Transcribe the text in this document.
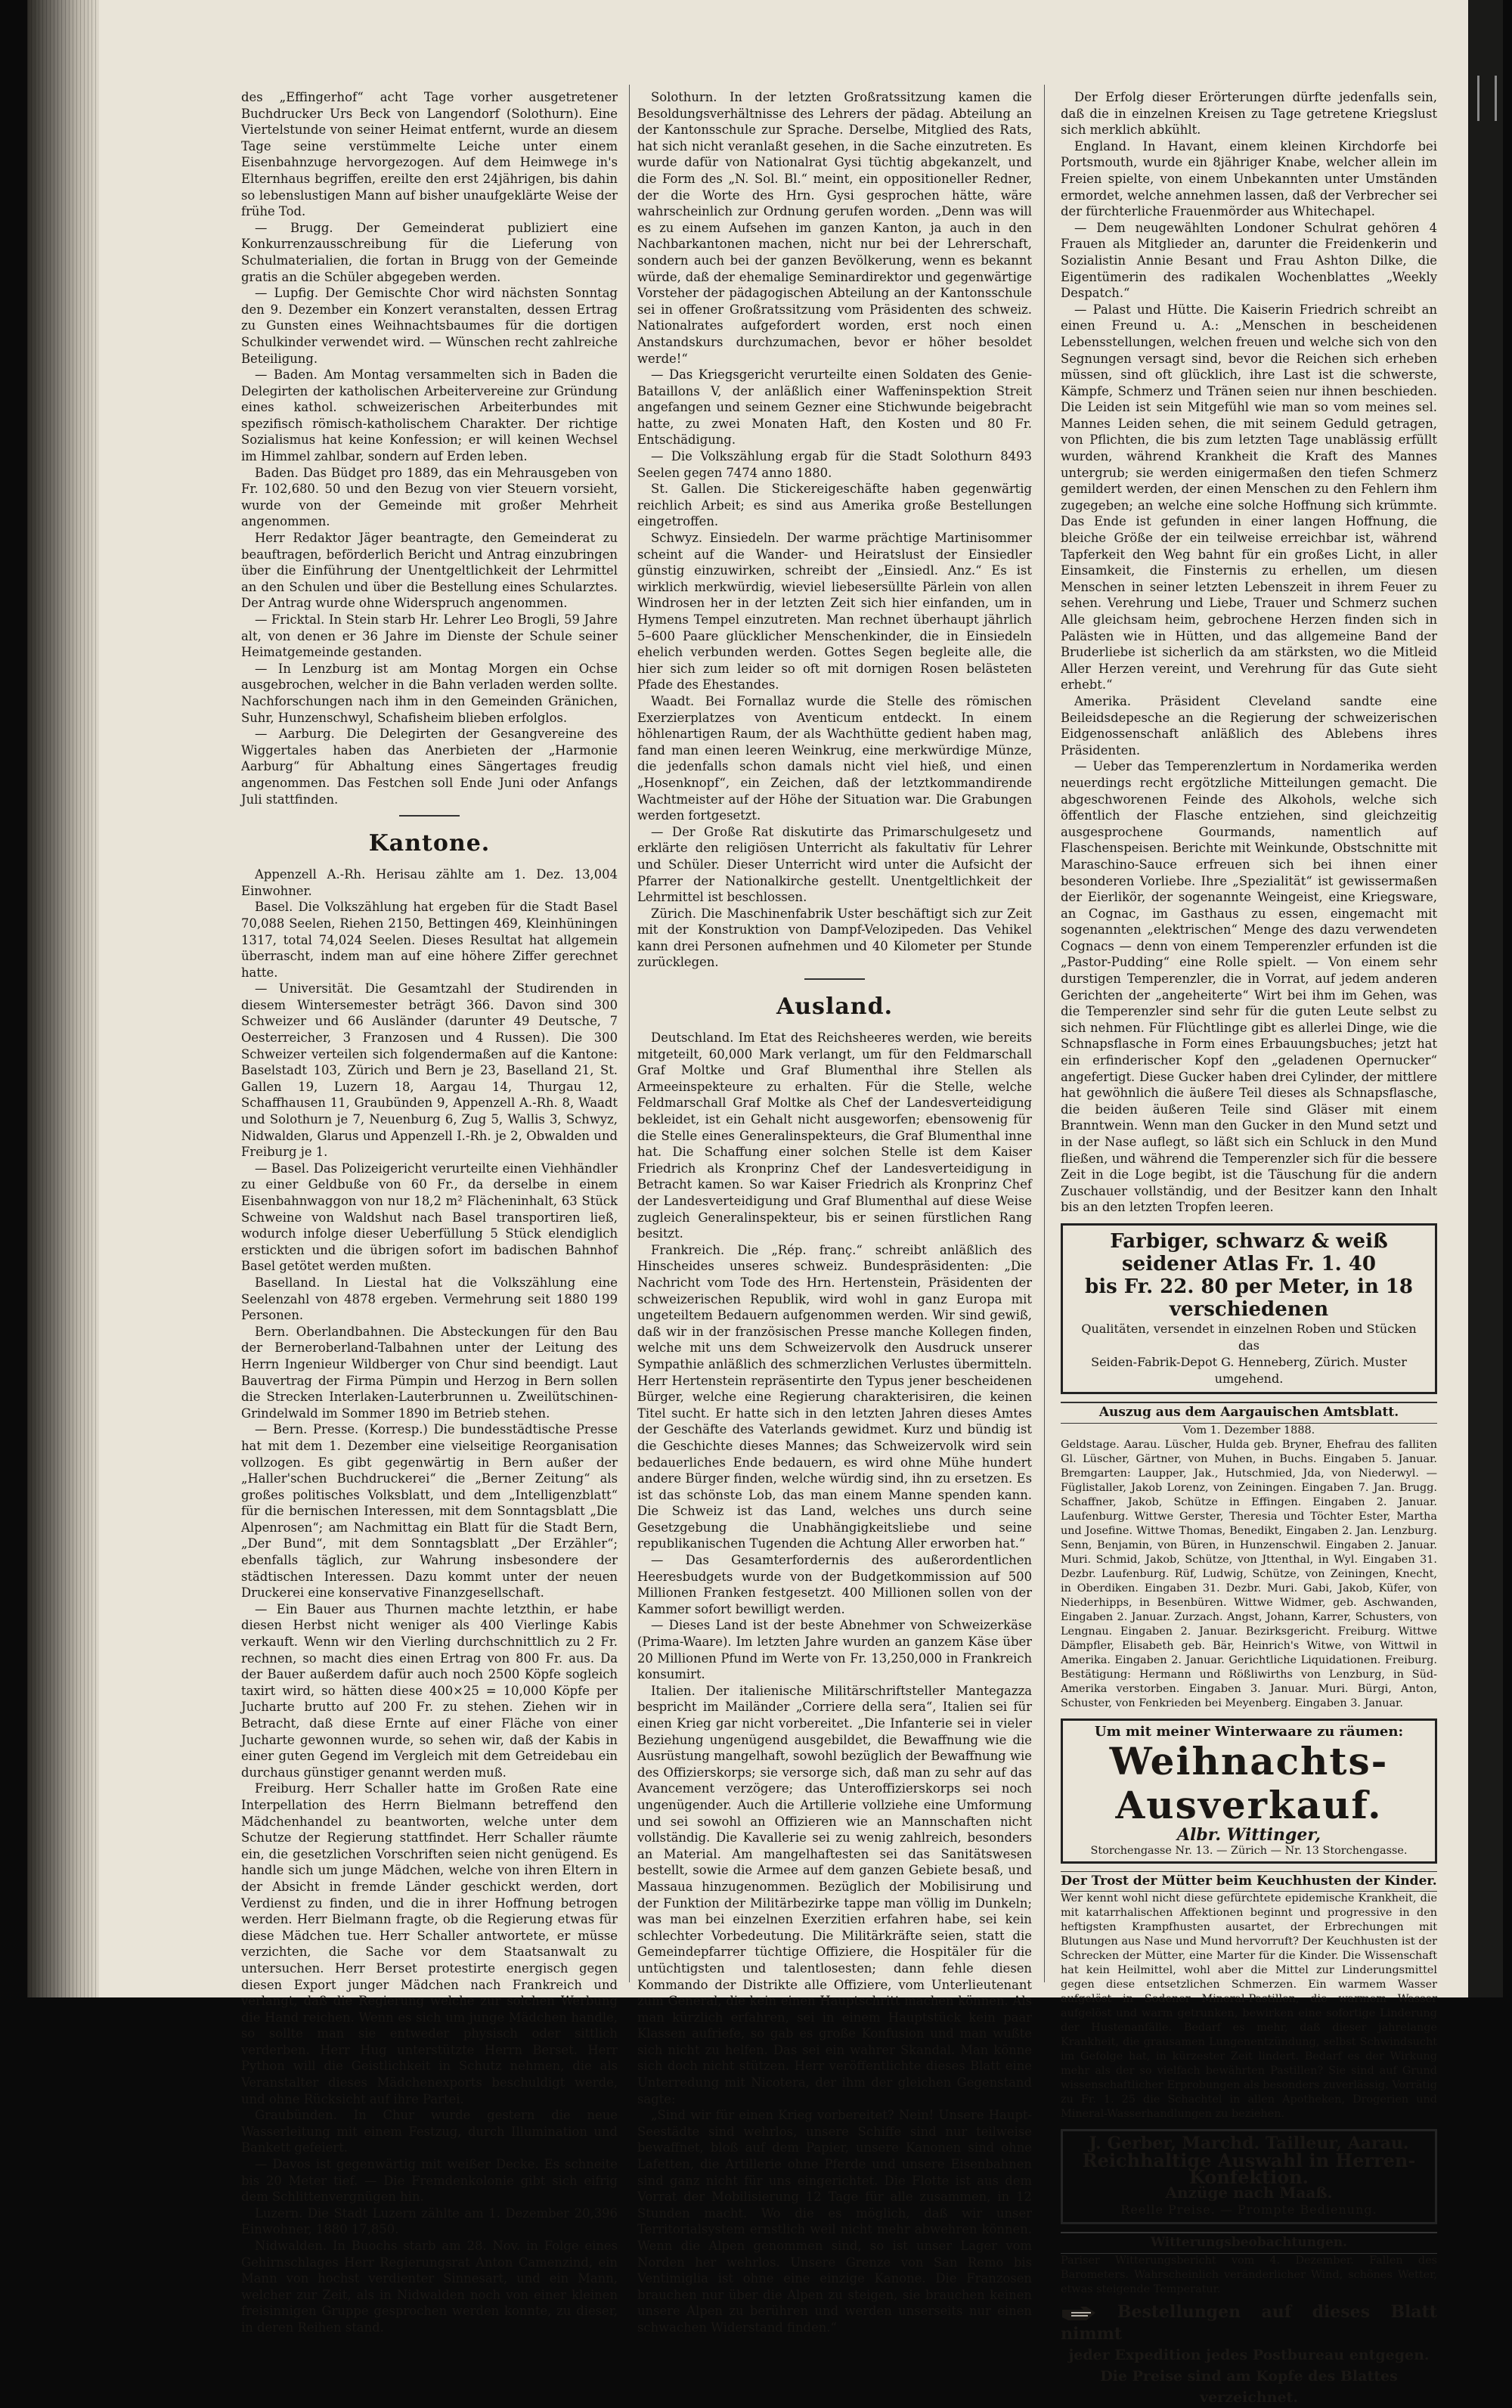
des „Effingerhof“ acht Tage vorher ausgetretener Buchdrucker Urs Beck von Langendorf (Solothurn). Eine Viertelstunde von seiner Heimat entfernt, wurde an diesem Tage seine verstümmelte Leiche unter einem Eisenbahnzuge hervorgezogen. Auf dem Heimwege in's Elternhaus begriffen, ereilte den erst 24jährigen, bis dahin so lebenslustigen Mann auf bisher unaufgeklärte Weise der frühe Tod.

— Brugg. Der Gemeinderat publiziert eine Konkurrenzausschreibung für die Lieferung von Schulmaterialien, die fortan in Brugg von der Gemeinde gratis an die Schüler abgegeben werden.

— Lupfig. Der Gemischte Chor wird nächsten Sonntag den 9. Dezember ein Konzert veranstalten, dessen Ertrag zu Gunsten eines Weihnachtsbaumes für die dortigen Schulkinder verwendet wird. — Wünschen recht zahlreiche Beteiligung.

— Baden. Am Montag versammelten sich in Baden die Delegirten der katholischen Arbeitervereine zur Gründung eines kathol. schweizerischen Arbeiterbundes mit spezifisch römisch-katholischem Charakter. Der richtige Sozialismus hat keine Konfession; er will keinen Wechsel im Himmel zahlbar, sondern auf Erden leben.

Baden. Das Büdget pro 1889, das ein Mehrausgeben von Fr. 102,680. 50 und den Bezug von vier Steuern vorsieht, wurde von der Gemeinde mit großer Mehrheit angenommen.

Herr Redaktor Jäger beantragte, den Gemeinderat zu beauftragen, beförderlich Bericht und Antrag einzubringen über die Einführung der Unentgeltlichkeit der Lehrmittel an den Schulen und über die Bestellung eines Schularztes. Der Antrag wurde ohne Widerspruch angenommen.

— Fricktal. In Stein starb Hr. Lehrer Leo Brogli, 59 Jahre alt, von denen er 36 Jahre im Dienste der Schule seiner Heimatgemeinde gestanden.

— In Lenzburg ist am Montag Morgen ein Ochse ausgebrochen, welcher in die Bahn verladen werden sollte. Nachforschungen nach ihm in den Gemeinden Gränichen, Suhr, Hunzenschwyl, Schafisheim blieben erfolglos.

— Aarburg. Die Delegirten der Gesangvereine des Wiggertales haben das Anerbieten der „Harmonie Aarburg“ für Abhaltung eines Sängertages freudig angenommen. Das Festchen soll Ende Juni oder Anfangs Juli stattfinden.

Kantone.

Appenzell A.-Rh. Herisau zählte am 1. Dez. 13,004 Einwohner.

Basel. Die Volkszählung hat ergeben für die Stadt Basel 70,088 Seelen, Riehen 2150, Bettingen 469, Kleinhüningen 1317, total 74,024 Seelen. Dieses Resultat hat allgemein überrascht, indem man auf eine höhere Ziffer gerechnet hatte.

— Universität. Die Gesamtzahl der Studirenden in diesem Wintersemester beträgt 366. Davon sind 300 Schweizer und 66 Ausländer (darunter 49 Deutsche, 7 Oesterreicher, 3 Franzosen und 4 Russen). Die 300 Schweizer verteilen sich folgendermaßen auf die Kantone: Baselstadt 103, Zürich und Bern je 23, Baselland 21, St. Gallen 19, Luzern 18, Aargau 14, Thurgau 12, Schaffhausen 11, Graubünden 9, Appenzell A.-Rh. 8, Waadt und Solothurn je 7, Neuenburg 6, Zug 5, Wallis 3, Schwyz, Nidwalden, Glarus und Appenzell I.-Rh. je 2, Obwalden und Freiburg je 1.

— Basel. Das Polizeigericht verurteilte einen Viehhändler zu einer Geldbuße von 60 Fr., da derselbe in einem Eisenbahnwaggon von nur 18,2 m² Flächeninhalt, 63 Stück Schweine von Waldshut nach Basel transportiren ließ, wodurch infolge dieser Ueberfüllung 5 Stück elendiglich erstickten und die übrigen sofort im badischen Bahnhof Basel getötet werden mußten.

Baselland. In Liestal hat die Volkszählung eine Seelenzahl von 4878 ergeben. Vermehrung seit 1880 199 Personen.

Bern. Oberlandbahnen. Die Absteckungen für den Bau der Berneroberland-Talbahnen unter der Leitung des Herrn Ingenieur Wildberger von Chur sind beendigt. Laut Bauvertrag der Firma Pümpin und Herzog in Bern sollen die Strecken Interlaken-Lauterbrunnen u. Zweilütschinen-Grindelwald im Sommer 1890 im Betrieb stehen.

— Bern. Presse. (Korresp.) Die bundesstädtische Presse hat mit dem 1. Dezember eine vielseitige Reorganisation vollzogen. Es gibt gegenwärtig in Bern außer der „Haller'schen Buchdruckerei“ die „Berner Zeitung“ als großes politisches Volksblatt, und dem „Intelligenzblatt“ für die bernischen Interessen, mit dem Sonntagsblatt „Die Alpenrosen“; am Nachmittag ein Blatt für die Stadt Bern, „Der Bund“, mit dem Sonntagsblatt „Der Erzähler“; ebenfalls täglich, zur Wahrung insbesondere der städtischen Interessen. Dazu kommt unter der neuen Druckerei eine konservative Finanzgesellschaft.

— Ein Bauer aus Thurnen machte letzthin, er habe diesen Herbst nicht weniger als 400 Vierlinge Kabis verkauft. Wenn wir den Vierling durchschnittlich zu 2 Fr. rechnen, so macht dies einen Ertrag von 800 Fr. aus. Da der Bauer außerdem dafür auch noch 2500 Köpfe sogleich taxirt wird, so hätten diese 400×25 = 10,000 Köpfe per Jucharte brutto auf 200 Fr. zu stehen. Ziehen wir in Betracht, daß diese Ernte auf einer Fläche von einer Jucharte gewonnen wurde, so sehen wir, daß der Kabis in einer guten Gegend im Vergleich mit dem Getreidebau ein durchaus günstiger genannt werden muß.

Freiburg. Herr Schaller hatte im Großen Rate eine Interpellation des Herrn Bielmann betreffend den Mädchenhandel zu beantworten, welche unter dem Schutze der Regierung stattfindet. Herr Schaller räumte ein, die gesetzlichen Vorschriften seien nicht genügend. Es handle sich um junge Mädchen, welche von ihren Eltern in der Absicht in fremde Länder geschickt werden, dort Verdienst zu finden, und die in ihrer Hoffnung betrogen werden. Herr Bielmann fragte, ob die Regierung etwas für diese Mädchen tue. Herr Schaller antwortete, er müsse verzichten, die Sache vor dem Staatsanwalt zu untersuchen. Herr Berset protestirte energisch gegen diesen Export junger Mädchen nach Frankreich und verlangt, daß die Regierung welche zur solchen Werbung die Hand reichen. Wenn es sich um junge Mädchen handle, so sollte man sie entweder physisch oder sittlich verderben. Herr Hug unterstützte Herrn Berset. Herr Python will die Geistlichkeit in Schutz nehmen, die als Veranstalter dieses Mädchenexports beschuldigt werde, und ohne Rücksicht auf ihre Partei.

Graubünden. In Chur wurde gestern die neue Wasserleitung mit einem Festzug, durch Illumination und Bankett gefeiert.

— Davos ist gegenwärtig mit weißer Decke. Es schneite bis 20 Meter tief. — Die Fremdenkolonie gibt sich eifrig dem Schlittenvergnügen hin.

Luzern. Die Stadt Luzern zählte am 1. Dezember 20,396 Einwohner, 1880 17,850.

Nidwalden. In Buochs starb am 28. Nov. in Folge eines Gehirnschlages Herr Regierungsrat Anton Camenzind, ein Mann von hochst verdienter Sinnesart, und ein Mann, welcher zur Zeit, als in Nidwalden noch von einer kleinen freisinnigen Gruppe gesprochen werden konnte, zu dieser, in deren Reihen stand.

Solothurn. In der letzten Großratssitzung kamen die Besoldungsverhältnisse des Lehrers der pädag. Abteilung an der Kantonsschule zur Sprache. Derselbe, Mitglied des Rats, hat sich nicht veranlaßt gesehen, in die Sache einzutreten. Es wurde dafür von Nationalrat Gysi tüchtig abgekanzelt, und die Form des „N. Sol. Bl.“ meint, ein oppositioneller Redner, der die Worte des Hrn. Gysi gesprochen hätte, wäre wahrscheinlich zur Ordnung gerufen worden. „Denn was will es zu einem Aufsehen im ganzen Kanton, ja auch in den Nachbarkantonen machen, nicht nur bei der Lehrerschaft, sondern auch bei der ganzen Bevölkerung, wenn es bekannt würde, daß der ehemalige Seminardirektor und gegenwärtige Vorsteher der pädagogischen Abteilung an der Kantonsschule sei in offener Großratssitzung vom Präsidenten des schweiz. Nationalrates aufgefordert worden, erst noch einen Anstandskurs durchzumachen, bevor er höher besoldet werde!“

— Das Kriegsgericht verurteilte einen Soldaten des Genie-Bataillons V, der anläßlich einer Waffeninspektion Streit angefangen und seinem Gezner eine Stichwunde beigebracht hatte, zu zwei Monaten Haft, den Kosten und 80 Fr. Entschädigung.

— Die Volkszählung ergab für die Stadt Solothurn 8493 Seelen gegen 7474 anno 1880.

St. Gallen. Die Stickereigeschäfte haben gegenwärtig reichlich Arbeit; es sind aus Amerika große Bestellungen eingetroffen.

Schwyz. Einsiedeln. Der warme prächtige Martinisommer scheint auf die Wander- und Heiratslust der Einsiedler günstig einzuwirken, schreibt der „Einsiedl. Anz.“ Es ist wirklich merkwürdig, wieviel liebesersüllte Pärlein von allen Windrosen her in der letzten Zeit sich hier einfanden, um in Hymens Tempel einzutreten. Man rechnet überhaupt jährlich 5–600 Paare glücklicher Menschenkinder, die in Einsiedeln ehelich verbunden werden. Gottes Segen begleite alle, die hier sich zum leider so oft mit dornigen Rosen belästeten Pfade des Ehestandes.

Waadt. Bei Fornallaz wurde die Stelle des römischen Exerzierplatzes von Aventicum entdeckt. In einem höhlenartigen Raum, der als Wachthütte gedient haben mag, fand man einen leeren Weinkrug, eine merkwürdige Münze, die jedenfalls schon damals nicht viel hieß, und einen „Hosenknopf“, ein Zeichen, daß der letztkommandirende Wachtmeister auf der Höhe der Situation war. Die Grabungen werden fortgesetzt.

— Der Große Rat diskutirte das Primarschulgesetz und erklärte den religiösen Unterricht als fakultativ für Lehrer und Schüler. Dieser Unterricht wird unter die Aufsicht der Pfarrer der Nationalkirche gestellt. Unentgeltlichkeit der Lehrmittel ist beschlossen.

Zürich. Die Maschinenfabrik Uster beschäftigt sich zur Zeit mit der Konstruktion von Dampf-Velozipeden. Das Vehikel kann drei Personen aufnehmen und 40 Kilometer per Stunde zurücklegen.

Ausland.

Deutschland. Im Etat des Reichsheeres werden, wie bereits mitgeteilt, 60,000 Mark verlangt, um für den Feldmarschall Graf Moltke und Graf Blumenthal ihre Stellen als Armeeinspekteure zu erhalten. Für die Stelle, welche Feldmarschall Graf Moltke als Chef der Landesverteidigung bekleidet, ist ein Gehalt nicht ausgeworfen; ebensowenig für die Stelle eines Generalinspekteurs, die Graf Blumenthal inne hat. Die Schaffung einer solchen Stelle ist dem Kaiser Friedrich als Kronprinz Chef der Landesverteidigung in Betracht kamen. So war Kaiser Friedrich als Kronprinz Chef der Landesverteidigung und Graf Blumenthal auf diese Weise zugleich Generalinspekteur, bis er seinen fürstlichen Rang besitzt.

Frankreich. Die „Rép. franç.“ schreibt anläßlich des Hinscheides unseres schweiz. Bundespräsidenten: „Die Nachricht vom Tode des Hrn. Hertenstein, Präsidenten der schweizerischen Republik, wird wohl in ganz Europa mit ungeteiltem Bedauern aufgenommen werden. Wir sind gewiß, daß wir in der französischen Presse manche Kollegen finden, welche mit uns dem Schweizervolk den Ausdruck unserer Sympathie anläßlich des schmerzlichen Verlustes übermitteln. Herr Hertenstein repräsentirte den Typus jener bescheidenen Bürger, welche eine Regierung charakterisiren, die keinen Titel sucht. Er hatte sich in den letzten Jahren dieses Amtes der Geschäfte des Vaterlands gewidmet. Kurz und bündig ist die Geschichte dieses Mannes; das Schweizervolk wird sein bedauerliches Ende bedauern, es wird ohne Mühe hundert andere Bürger finden, welche würdig sind, ihn zu ersetzen. Es ist das schönste Lob, das man einem Manne spenden kann. Die Schweiz ist das Land, welches uns durch seine Gesetzgebung die Unabhängigkeitsliebe und seine republikanischen Tugenden die Achtung Aller erworben hat.“

— Das Gesamterfordernis des außerordentlichen Heeresbudgets wurde von der Budgetkommission auf 500 Millionen Franken festgesetzt. 400 Millionen sollen von der Kammer sofort bewilligt werden.

— Dieses Land ist der beste Abnehmer von Schweizerkäse (Prima-Waare). Im letzten Jahre wurden an ganzem Käse über 20 Millionen Pfund im Werte von Fr. 13,250,000 in Frankreich konsumirt.

Italien. Der italienische Militärschriftsteller Mantegazza bespricht im Mailänder „Corriere della sera“, Italien sei für einen Krieg gar nicht vorbereitet. „Die Infanterie sei in vieler Beziehung ungenügend ausgebildet, die Bewaffnung wie die Ausrüstung mangelhaft, sowohl bezüglich der Bewaffnung wie des Offizierskorps; sie versorge sich, daß man zu sehr auf das Avancement verzögere; das Unteroffizierskorps sei noch ungenügender. Auch die Artillerie vollziehe eine Umformung und sei sowohl an Offizieren wie an Mannschaften nicht vollständig. Die Kavallerie sei zu wenig zahlreich, besonders an Material. Am mangelhaftesten sei das Sanitätswesen bestellt, sowie die Armee auf dem ganzen Gebiete besaß, und Massaua hinzugenommen. Bezüglich der Mobilisirung und der Funktion der Militärbezirke tappe man völlig im Dunkeln; was man bei einzelnen Exerzitien erfahren habe, sei kein schlechter Vorbedeutung. Die Militärkräfte seien, statt die Gemeindepfarrer tüchtige Offiziere, die Hospitäler für die untüchtigsten und talentlosesten; dann fehle diesen Kommando der Distrikte alle Offiziere, vom Unterlieutenant zum General, die kein einen Hauptschritt machen können. Als man kürzlich erfahren, sei in einem Hauptstück kein paar Klassen aufriefe, so gab es große Konfusion und man wußte sich nicht zu helfen. Das sei ein wahrer Skandal. Man könne sich doch nicht stützen. Herr veröffentlichte dieses Blatt eine Unterredung mit Nicotera, der ihm der gleichen Gegenstand sagte:

„Sind wir für einen Krieg vorbereitet? Nein! Unsere Haupt-Seestädte sind wehrlos, unsere Schiffe sind nur teilweise bewaffnet, bloß auf dem Papier, unsere Kanonen sind ohne Lafetten, die Artillerie ohne Pferde und unsere Eisenbahnen sind ganz nicht für uns eingerichtet. Die Flotte ist aus dem Vorrat der Mobilisierung 12 Tage für alle zusammen, in 12 Stunden macht. Wo die es möglich, daß wir unser Territorialsystem ernstlich weil nicht mehr abwehren können. Wenn die Alpen genommen sind, so ist unser Lager vom Norden her wehrlos. Unsere Grenze von San Remo bis Ventimiglia ist ohne eine einzige Kanone. Die Franzosen brauchen nur über die Alpen zu steigen, sie brauchen keinen unsere Alpen zu berühren und werden unserseits nur einen schwachen Widerstand finden.“

Der Erfolg dieser Erörterungen dürfte jedenfalls sein, daß die in einzelnen Kreisen zu Tage getretene Kriegslust sich merklich abkühlt.

England. In Havant, einem kleinen Kirchdorfe bei Portsmouth, wurde ein 8jähriger Knabe, welcher allein im Freien spielte, von einem Unbekannten unter Umständen ermordet, welche annehmen lassen, daß der Verbrecher sei der fürchterliche Frauenmörder aus Whitechapel.

— Dem neugewählten Londoner Schulrat gehören 4 Frauen als Mitglieder an, darunter die Freidenkerin und Sozialistin Annie Besant und Frau Ashton Dilke, die Eigentümerin des radikalen Wochenblattes „Weekly Despatch.“

— Palast und Hütte. Die Kaiserin Friedrich schreibt an einen Freund u. A.: „Menschen in bescheidenen Lebensstellungen, welchen freuen und welche sich von den Segnungen versagt sind, bevor die Reichen sich erheben müssen, sind oft glücklich, ihre Last ist die schwerste, Kämpfe, Schmerz und Tränen seien nur ihnen beschieden. Die Leiden ist sein Mitgefühl wie man so vom meines sel. Mannes Leiden sehen, die mit seinem Geduld getragen, von Pflichten, die bis zum letzten Tage unablässig erfüllt wurden, während Krankheit die Kraft des Mannes untergrub; sie werden einigermaßen den tiefen Schmerz gemildert werden, der einen Menschen zu den Fehlern ihm zugegeben; an welche eine solche Hoffnung sich krümmte. Das Ende ist gefunden in einer langen Hoffnung, die bleiche Größe der ein teilweise erreichbar ist, während Tapferkeit den Weg bahnt für ein großes Licht, in aller Einsamkeit, die Finsternis zu erhellen, um diesen Menschen in seiner letzten Lebenszeit in ihrem Feuer zu sehen. Verehrung und Liebe, Trauer und Schmerz suchen Alle gleichsam heim, gebrochene Herzen finden sich in Palästen wie in Hütten, und das allgemeine Band der Bruderliebe ist sicherlich da am stärksten, wo die Mitleid Aller Herzen vereint, und Verehrung für das Gute sieht erhebt.“

Amerika. Präsident Cleveland sandte eine Beileidsdepesche an die Regierung der schweizerischen Eidgenossenschaft anläßlich des Ablebens ihres Präsidenten.

— Ueber das Temperenzlertum in Nordamerika werden neuerdings recht ergötzliche Mitteilungen gemacht. Die abgeschworenen Feinde des Alkohols, welche sich öffentlich der Flasche entziehen, sind gleichzeitig ausgesprochene Gourmands, namentlich auf Flaschenspeisen. Berichte mit Weinkunde, Obstschnitte mit Maraschino-Sauce erfreuen sich bei ihnen einer besonderen Vorliebe. Ihre „Spezialität“ ist gewissermaßen der Eierlikör, der sogenannte Weingeist, eine Kriegsware, an Cognac, im Gasthaus zu essen, eingemacht mit sogenannten „elektrischen“ Menge des dazu verwendeten Cognacs — denn von einem Temperenzler erfunden ist die „Pastor-Pudding“ eine Rolle spielt. — Von einem sehr durstigen Temperenzler, die in Vorrat, auf jedem anderen Gerichten der „angeheiterte“ Wirt bei ihm im Gehen, was die Temperenzler sind sehr für die guten Leute selbst zu sich nehmen. Für Flüchtlinge gibt es allerlei Dinge, wie die Schnapsflasche in Form eines Erbauungsbuches; jetzt hat ein erfinderischer Kopf den „geladenen Opernucker“ angefertigt. Diese Gucker haben drei Cylinder, der mittlere hat gewöhnlich die äußere Teil dieses als Schnapsflasche, die beiden äußeren Teile sind Gläser mit einem Branntwein. Wenn man den Gucker in den Mund setzt und in der Nase auflegt, so läßt sich ein Schluck in den Mund fließen, und während die Temperenzler sich für die bessere Zeit in die Loge begibt, ist die Täuschung für die andern Zuschauer vollständig, und der Besitzer kann den Inhalt bis an den letzten Tropfen leeren.

Farbiger, schwarz & weiß seidener Atlas Fr. 1. 40
bis Fr. 22. 80 per Meter, in 18 verschiedenen
Qualitäten, versendet in einzelnen Roben und Stücken das
Seiden-Fabrik-Depot G. Henneberg, Zürich. Muster umgehend.
Auszug aus dem Aargauischen Amtsblatt.
Vom 1. Dezember 1888.

Geldstage. Aarau. Lüscher, Hulda geb. Bryner, Ehefrau des falliten Gl. Lüscher, Gärtner, von Muhen, in Buchs. Eingaben 5. Januar. Bremgarten: Laupper, Jak., Hutschmied, Jda, von Niederwyl. — Füglistaller, Jakob Lorenz, von Zeiningen. Eingaben 7. Jan. Brugg. Schaffner, Jakob, Schütze in Effingen. Eingaben 2. Januar. Laufenburg. Wittwe Gerster, Theresia und Töchter Ester, Martha und Josefine. Wittwe Thomas, Benedikt, Eingaben 2. Jan. Lenzburg. Senn, Benjamin, von Büren, in Hunzenschwil. Eingaben 2. Januar. Muri. Schmid, Jakob, Schütze, von Jttenthal, in Wyl. Eingaben 31. Dezbr. Laufenburg. Rüf, Ludwig, Schütze, von Zeiningen, Knecht, in Oberdiken. Eingaben 31. Dezbr. Muri. Gabi, Jakob, Küfer, von Niederhipps, in Besenbüren. Wittwe Widmer, geb. Aschwanden, Eingaben 2. Januar. Zurzach. Angst, Johann, Karrer, Schusters, von Lengnau. Eingaben 2. Januar. Bezirksgericht. Freiburg. Wittwe Dämpfler, Elisabeth geb. Bär, Heinrich's Witwe, von Wittwil in Amerika. Eingaben 2. Januar. Gerichtliche Liquidationen. Freiburg. Bestätigung: Hermann und Rößliwirths von Lenzburg, in Süd-Amerika verstorben. Eingaben 3. Januar. Muri. Bürgi, Anton, Schuster, von Fenkrieden bei Meyenberg. Eingaben 3. Januar.

Um mit meiner Winterwaare zu räumen:
Weihnachts-Ausverkauf.
Albr. Wittinger,
Storchengasse Nr. 13. — Zürich — Nr. 13 Storchengasse.
Der Trost der Mütter beim Keuchhusten der Kinder.

Wer kennt wohl nicht diese gefürchtete epidemische Krankheit, die mit katarrhalischen Affektionen beginnt und progressive in den heftigsten Krampfhusten ausartet, der Erbrechungen mit Blutungen aus Nase und Mund hervorruft? Der Keuchhusten ist der Schrecken der Mütter, eine Marter für die Kinder. Die Wissenschaft hat kein Heilmittel, wohl aber die Mittel zur Linderungsmittel gegen diese entsetzlichen Schmerzen. Ein warmem Wasser aufgelöst in Sodener Mineral-Pastillen, die warmem Wasser aufgelöst und warm getrunken, bewirken eine sofortige Linderung der Hustenanfälle. Bedarf es mehr, daß dieser jahrelange Krankheit, die grausamen Lungenentzündung, selbst Schwindsucht im Gefolge hat, in kürzester Zeit lindert. Bedarf es der Wirkung mehr als der so vielfach bewährten Pastillen? Sie sind auf Grund wissenschaftlicher Erprobungen als besonders zuverlässig. Vorrätig zu Fr. 1. 25 die Schachtel in allen Apotheken, Drogerien und Mineral-Wasserhandlungen zu beziehen.

J. Gerber, Marchd. Tailleur, Aarau.
Reichhaltige Auswahl in Herren-Konfektion.
Anzüge nach Maaß.
Reelle Preise. — Prompte Bedienung.
Witterungsbeobachtungen.

Pariser Witterungsbericht vom 4. Dezember. Fallen des Barometers. Wahrscheinlich veränderlicher Wind, schönes Wetter, etwas steigende Temperatur.

Bestellungen auf dieses Blatt nimmt
jeder Expedition jedes Postbureau entgegen.
Die Preise sind am Kopfe des Blattes verzeichnet.
